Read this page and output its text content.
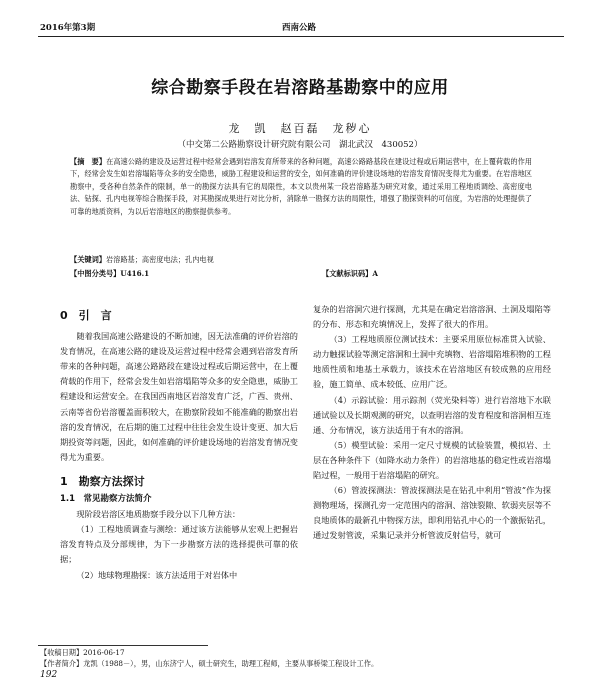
2016年第3期	西南公路
综合勘察手段在岩溶路基勘察中的应用
龙　凯　赵百磊　龙秽心
（中交第二公路勘察设计研究院有限公司　湖北武汉　430052）
【摘　要】在高速公路的建设及运营过程中经常会遇到岩溶发育所带来的各种问题，高速公路路基段在建设过程或后期运营中，在上覆荷载的作用下，经常会发生如岩溶塌陷等众多的安全隐患，威胁工程建设和运营的安全，如何准确的评价建设场地的岩溶发育情况变得尤为重要。在岩溶地区勘察中，受各种自然条件的限制，单一的勘探方法具有它的局限性，本文以贵州某一段岩溶路基为研究对象，通过采用工程地质调绘、高密度电法、钻探、孔内电视等综合勘探手段，对其勘探成果进行对比分析，消除单一勘探方法的局限性，增强了勘探资料的可信度，为岩溶的处理提供了可靠的地质资料，为以后岩溶地区的勘察提供参考。
【关键词】岩溶路基；高密度电法；孔内电视
【中图分类号】U416.1	【文献标识码】A

0　引　言

随着我国高速公路建设的不断加速，因无法准确的评价岩溶的发育情况，在高速公路的建设及运营过程中经常会遇到岩溶发育所带来的各种问题，高速公路路段在建设过程或后期运营中，在上覆荷载的作用下，经常会发生如岩溶塌陷等众多的安全隐患，威胁工程建设和运营安全。在我国西南地区岩溶发育广泛，广西、贵州、云南等省份岩溶覆盖面积较大，在勘察阶段如不能准确的勘察出岩溶的发育情况，在后期的施工过程中往往会发生设计变更、加大后期投资等问题，因此，如何准确的评价建设场地的岩溶发育情况变得尤为重要。

1　勘察方法探讨

1.1　常见勘察方法简介

现阶段岩溶区地质勘察手段分以下几种方法：

（1）工程地质调查与测绘：通过该方法能够从宏观上把握岩溶发育特点及分部规律，为下一步勘察方法的选择提供可靠的依据；

（2）地球物理勘探：该方法适用于对岩体中

复杂的岩溶洞穴进行探测，尤其是在确定岩溶溶洞、土洞及塌陷等的分布、形态和充填情况上，发挥了很大的作用。

（3）工程地质原位测试技术：主要采用原位标准贯入试验、动力触探试验等测定溶洞和土洞中充填物、岩溶塌陷堆积物的工程地质性质和地基土承载力，该技术在岩溶地区有较成熟的应用经验，施工简单、成本较低、应用广泛。

（4）示踪试验：用示踪剂（荧光染料等）进行岩溶地下水联通试验以及长期观测的研究，以查明岩溶的发育程度和溶洞相互连通、分布情况，该方法适用于有水的溶洞。

（5）模型试验：采用一定尺寸规模的试验装置，模拟岩、土层在各种条件下（如降水动力条件）的岩溶地基的稳定性或岩溶塌陷过程，一般用于岩溶塌陷的研究。

（6）管波探测法：管波探测法是在钻孔中利用“管波”作为探测物理场，探测孔旁一定范围内的溶洞、溶蚀裂隙、软弱夹层等不良地质体的最新孔中物探方法，即利用钻孔中心的一个激振钻孔，通过发射管波，采集记录并分析管波反射信号，就可

【收稿日期】2016-06-17
【作者简介】龙凯（1988－），男，山东济宁人，硕士研究生，助理工程师，主要从事桥梁工程设计工作。
192
